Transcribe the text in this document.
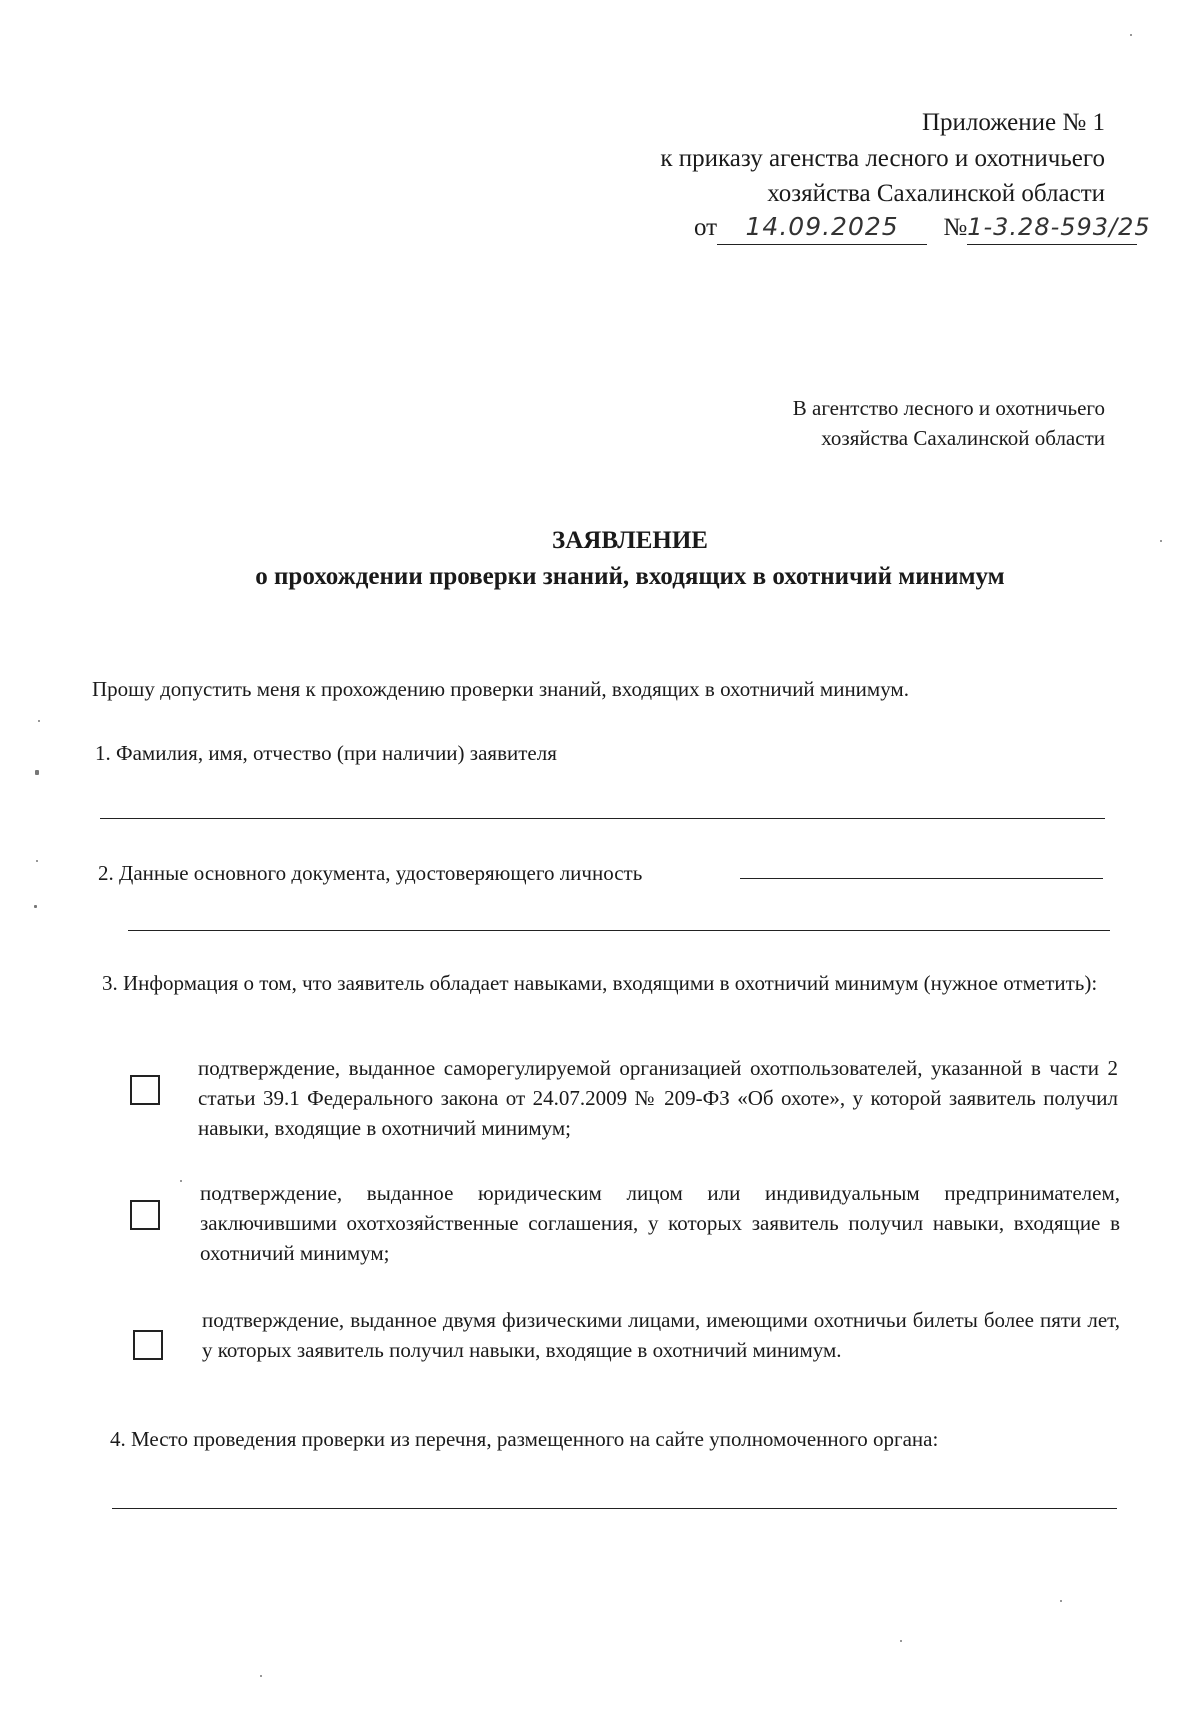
Приложение № 1
к приказу агенства лесного и охотничьего
хозяйства Сахалинской области
от 14.09.2025 №1-3.28-593/25
В агентство лесного и охотничьего
хозяйства Сахалинской области
ЗАЯВЛЕНИЕ
о прохождении проверки знаний, входящих в охотничий минимум
Прошу допустить меня к прохождению проверки знаний, входящих в охотничий минимум.
1. Фамилия, имя, отчество (при наличии) заявителя
2. Данные основного документа, удостоверяющего личность
3. Информация о том, что заявитель обладает навыками, входящими в охотничий минимум (нужное отметить):
подтверждение, выданное саморегулируемой организацией охотпользователей, указанной в части 2 статьи 39.1 Федерального закона от 24.07.2009 № 209-ФЗ «Об охоте», у которой заявитель получил навыки, входящие в охотничий минимум;
подтверждение, выданное юридическим лицом или индивидуальным предпринимателем, заключившими охотхозяйственные соглашения, у которых заявитель получил навыки, входящие в охотничий минимум;
подтверждение, выданное двумя физическими лицами, имеющими охотничьи билеты более пяти лет, у которых заявитель получил навыки, входящие в охотничий минимум.
4. Место проведения проверки из перечня, размещенного на сайте уполномоченного органа:
